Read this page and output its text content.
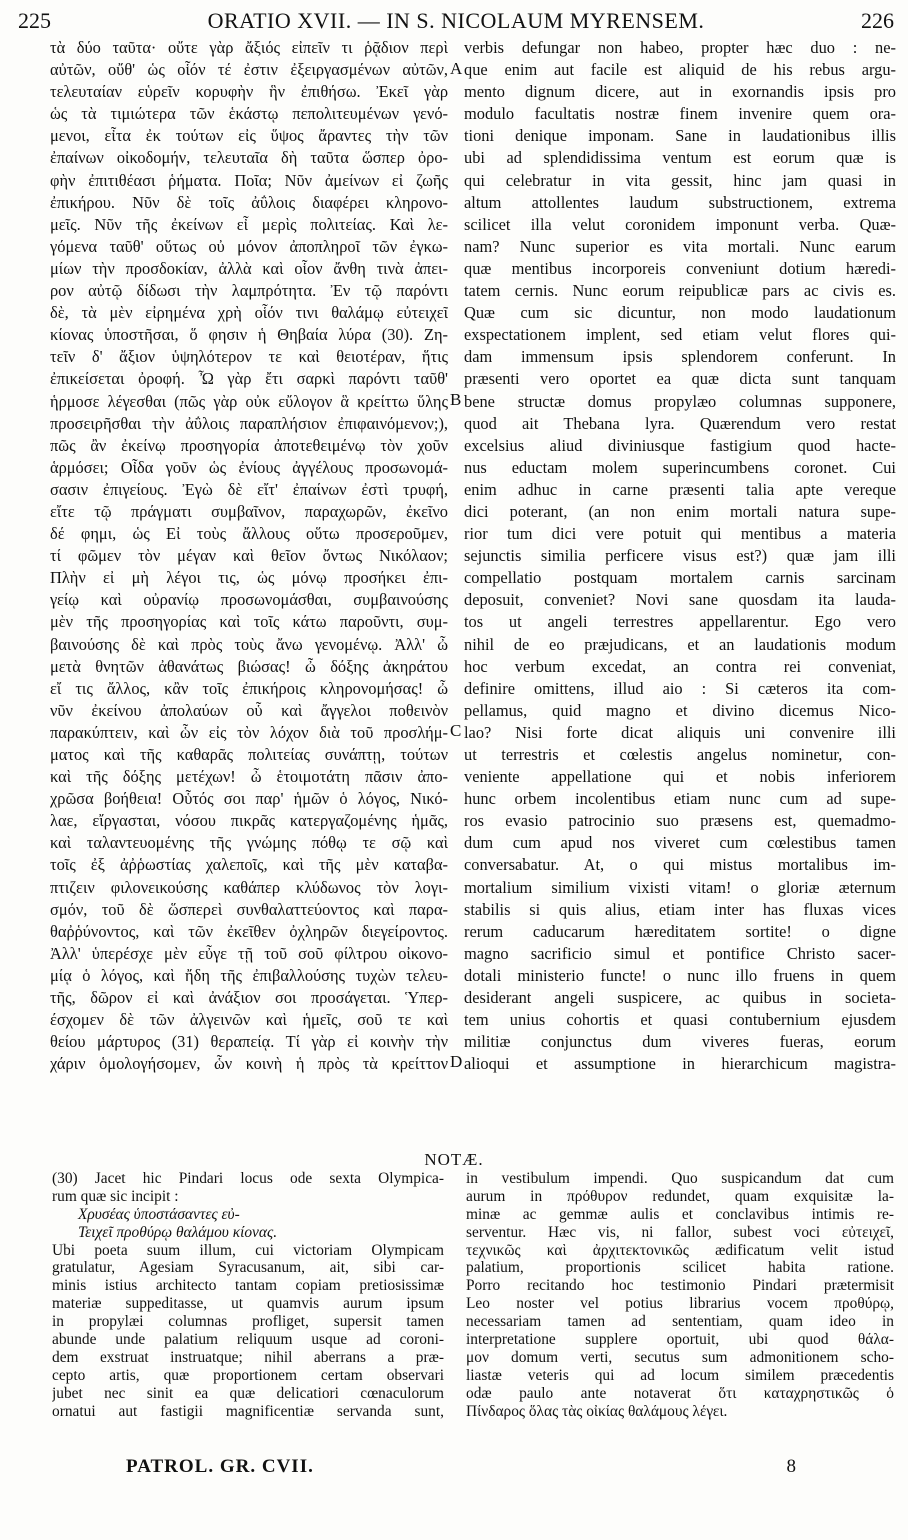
225	ORATIO XVII. — IN S. NICOLAUM MYRENSEM.	226
τὰ δύο ταῦτα· οὔτε γὰρ ἄξιός εἰπεῖν τι ῥᾷδιον περὶ
αὐτῶν, οὔθ' ὡς οἷόν τέ ἐστιν ἐξειργασμένων αὐτῶν,
τελευταίαν εὑρεῖν κορυφὴν ἣν ἐπιθήσω. Ἐκεῖ γὰρ
ὡς τὰ τιμιώτερα τῶν ἑκάστῳ πεπολιτευμένων γενό-
μενοι, εἶτα ἐκ τούτων εἰς ὕψος ἄραντες τὴν τῶν
ἐπαίνων οἰκοδομήν, τελευταῖα δὴ ταῦτα ὥσπερ ὀρο-
φὴν ἐπιτιθέασι ῥήματα. Ποῖα; Νῦν ἀμείνων εἰ ζωῆς
ἐπικήρου. Νῦν δὲ τοῖς ἀΰλοις διαφέρει κληρονο-
μεῖς. Νῦν τῆς ἐκείνων εἶ μερὶς πολιτείας. Καὶ λε-
γόμενα ταῦθ' οὕτως οὐ μόνον ἀποπληροῖ τῶν ἐγκω-
μίων τὴν προσδοκίαν, ἀλλὰ καὶ οἷον ἄνθη τινὰ ἀπει-
ρον αὐτῷ δίδωσι τὴν λαμπρότητα. Ἐν τῷ παρόντι
δὲ, τὰ μὲν εἰρημένα χρὴ οἷόν τινι θαλάμῳ εὐτειχεῖ
κίονας ὑποστῆσαι, ὅ φησιν ἡ Θηβαία λύρα (30). Ζη-
τεῖν δ' ἄξιον ὑψηλότερον τε καὶ θειοτέραν, ἥτις
ἐπικείσεται ὀροφή. Ὦ γὰρ ἔτι σαρκὶ παρόντι ταῦθ'
ἡρμοσε λέγεσθαι (πῶς γὰρ οὐκ εὔλογον ἃ κρείττω ὕλης
προσειρῆσθαι τὴν ἀΰλοις παραπλήσιον ἐπιφαινόμενον;),
πῶς ἂν ἐκείνῳ προσηγορία ἀποτεθειμένῳ τὸν χοῦν
ἁρμόσει; Οἶδα γοῦν ὡς ἐνίους ἀγγέλους προσωνομά-
σασιν ἐπιγείους. Ἐγὼ δὲ εἴτ' ἐπαίνων ἐστὶ τρυφή,
εἴτε τῷ πράγματι συμβαῖνον, παραχωρῶν, ἐκεῖνο
δέ φημι, ὡς Εἰ τοὺς ἄλλους οὕτω προσεροῦμεν,
τί φῶμεν τὸν μέγαν καὶ θεῖον ὄντως Νικόλαον;
Πλὴν εἰ μὴ λέγοι τις, ὡς μόνῳ προσήκει ἐπι-
γείῳ καὶ οὐρανίῳ προσωνομάσθαι, συμβαινούσης
μὲν τῆς προσηγορίας καὶ τοῖς κάτω παροῦντι, συμ-
βαινούσης δὲ καὶ πρὸς τοὺς ἄνω γενομένῳ. Ἀλλ' ὦ
μετὰ θνητῶν ἀθανάτως βιώσας! ὦ δόξης ἀκηράτου
εἴ τις ἄλλος, κἂν τοῖς ἐπικήροις κληρονομήσας! ὦ
νῦν ἐκείνου ἀπολαύων οὗ καὶ ἄγγελοι ποθεινὸν
παρακύπτειν, καὶ ὧν εἰς τὸν λόχον διὰ τοῦ προσλήμ-
ματος καὶ τῆς καθαρᾶς πολιτείας συνάπτῃ, τούτων
καὶ τῆς δόξης μετέχων! ὦ ἑτοιμοτάτη πᾶσιν ἀπο-
χρῶσα βοήθεια! Οὗτός σοι παρ' ἡμῶν ὁ λόγος, Νικό-
λαε, εἴργασται, νόσου πικρᾶς κατεργαζομένης ἡμᾶς,
καὶ ταλαντευομένης τῆς γνώμης πόθῳ τε σῷ καὶ
τοῖς ἐξ ἀῤῥωστίας χαλεποῖς, καὶ τῆς μὲν καταβα-
πτιζειν φιλονεικούσης καθάπερ κλύδωνος τὸν λογι-
σμόν, τοῦ δὲ ὥσπερεὶ συνθαλαττεύοντος καὶ παρα-
θαῤῥύνοντος, καὶ τῶν ἐκεῖθεν ὀχληρῶν διεγείροντος.
Ἀλλ' ὑπερέσχε μὲν εὖγε τῇ τοῦ σοῦ φίλτρου οἰκονο-
μίᾳ ὁ λόγος, καὶ ἤδη τῆς ἐπιβαλλούσης τυχὼν τελευ-
τῆς, δῶρον εἰ καὶ ἀνάξιον σοι προσάγεται. Ὑπερ-
έσχομεν δὲ τῶν ἀλγεινῶν καὶ ἡμεῖς, σοῦ τε καὶ
θείου μάρτυρος (31) θεραπείᾳ. Τί γὰρ εἰ κοινὴν τὴν
χάριν ὁμολογήσομεν, ὧν κοινὴ ἡ πρὸς τὰ κρείττον
verbis defungar non habeo, propter hæc duo : ne-
que enim aut facile est aliquid de his rebus argu-
mento dignum dicere, aut in exornandis ipsis pro
modulo facultatis nostræ finem invenire quem ora-
tioni denique imponam. Sane in laudationibus illis
ubi ad splendidissima ventum est eorum quæ is
qui celebratur in vita gessit, hinc jam quasi in
altum attollentes laudum substructionem, extrema
scilicet illa velut coronidem imponunt verba. Quæ-
nam? Nunc superior es vita mortali. Nunc earum
quæ mentibus incorporeis conveniunt dotium hæredi-
tatem cernis. Nunc eorum reipublicæ pars ac civis es.
Quæ cum sic dicuntur, non modo laudationum
exspectationem implent, sed etiam velut flores qui-
dam immensum ipsis splendorem conferunt. In
præsenti vero oportet ea quæ dicta sunt tanquam
bene structæ domus propylæo columnas supponere,
quod ait Thebana lyra. Quærendum vero restat
excelsius aliud diviniusque fastigium quod hacte-
nus eductam molem superincumbens coronet. Cui
enim adhuc in carne præsenti talia apte vereque
dici poterant, (an non enim mortali natura supe-
rior tum dici vere potuit qui mentibus a materia
sejunctis similia perficere visus est?) quæ jam illi
compellatio postquam mortalem carnis sarcinam
deposuit, conveniet? Novi sane quosdam ita lauda-
tos ut angeli terrestres appellarentur. Ego vero
nihil de eo præjudicans, et an laudationis modum
hoc verbum excedat, an contra rei conveniat,
definire omittens, illud aio : Si cæteros ita com-
pellamus, quid magno et divino dicemus Nico-
lao? Nisi forte dicat aliquis uni convenire illi
ut terrestris et cœlestis angelus nominetur, con-
veniente appellatione qui et nobis inferiorem
hunc orbem incolentibus etiam nunc cum ad supe-
ros evasio patrocinio suo præsens est, quemadmo-
dum cum apud nos viveret cum cœlestibus tamen
conversabatur. At, o qui mistus mortalibus im-
mortalium similium vixisti vitam! o gloriæ æternum
stabilis si quis alius, etiam inter has fluxas vices
rerum caducarum hæreditatem sortite! o digne
magno sacrificio simul et pontifice Christo sacer-
dotali ministerio functe! o nunc illo fruens in quem
desiderant angeli suspicere, ac quibus in societa-
tem unius cohortis et quasi contubernium ejusdem
militiæ conjunctus dum viveres fueras, eorum
alioqui et assumptione in hierarchicum magistra-
A
B
C
D
NOTÆ.
(30) Jacet hic Pindari locus ode sexta Olympica-
rum quæ sic incipit :
Χρυσέας ὑποστάσαντες εὐ-
Τειχεῖ προθύρῳ θαλάμου κίονας.
Ubi poeta suum illum, cui victoriam Olympicam
gratulatur, Agesiam Syracusanum, ait, sibi car-
minis istius architecto tantam copiam pretiosissimæ
materiæ suppeditasse, ut quamvis aurum ipsum
in propylæi columnas profliget, supersit tamen
abunde unde palatium reliquum usque ad coroni-
dem exstruat instruatque; nihil aberrans a præ-
cepto artis, quæ proportionem certam observari
jubet nec sinit ea quæ delicatiori cœnaculorum
ornatui aut fastigii magnificentiæ servanda sunt,
in vestibulum impendi. Quo suspicandum dat cum
aurum in πρόθυρον redundet, quam exquisitæ la-
minæ ac gemmæ aulis et conclavibus intimis re-
serventur. Hæc vis, ni fallor, subest voci εὐτειχεῖ,
τεχνικῶς καὶ ἀρχιτεκτονικῶς ædificatum velit istud
palatium, proportionis scilicet habita ratione.
Porro recitando hoc testimonio Pindari prætermisit
Leo noster vel potius librarius vocem προθύρῳ,
necessariam tamen ad sententiam, quam ideo in
interpretatione supplere oportuit, ubi quod θάλα-
μον domum verti, secutus sum admonitionem scho-
liastæ veteris qui ad locum similem præcedentis
odæ paulo ante notaverat ὅτι καταχρηστικῶς ὁ
Πίνδαρος ὅλας τὰς οἰκίας θαλάμους λέγει.
PATROL. GR. CVII.	8
